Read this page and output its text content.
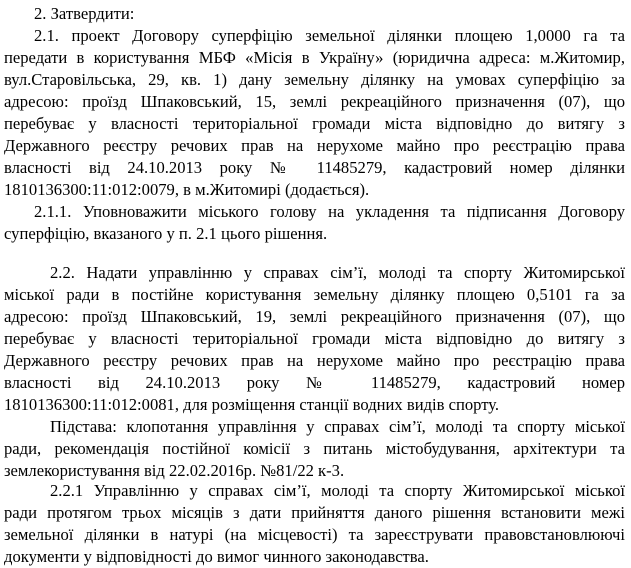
2. Затвердити:
2.1. проект Договору суперфіцію земельної ділянки площею 1,0000 га та
передати в користування МБФ «Місія в Україну» (юридична адреса: м.Житомир,
вул.Старовільська, 29, кв. 1) дану земельну ділянку на умовах суперфіцію за
адресою: проїзд Шпаковський, 15, землі рекреаційного призначення (07), що
перебуває у власності територіальної громади міста відповідно до витягу з
Державного реєстру речових прав на нерухоме майно про реєстрацію права
власності від 24.10.2013 року № 11485279, кадастровий номер ділянки
1810136300:11:012:0079, в м.Житомирі (додається).
2.1.1. Уповноважити міського голову на укладення та підписання Договору
суперфіцію, вказаного у п. 2.1 цього рішення.
2.2. Надати управлінню у справах сім’ї, молоді та спорту Житомирської
міської ради в постійне користування земельну ділянку площею 0,5101 га за
адресою: проїзд Шпаковський, 19, землі рекреаційного призначення (07), що
перебуває у власності територіальної громади міста відповідно до витягу з
Державного реєстру речових прав на нерухоме майно про реєстрацію права
власності від 24.10.2013 року № 11485279, кадастровий номер
1810136300:11:012:0081, для розміщення станції водних видів спорту.
Підстава: клопотання управління у справах сім’ї, молоді та спорту міської
ради, рекомендація постійної комісії з питань містобудування, архітектури та
землекористування від 22.02.2016р. №81/22 к-3.
2.2.1 Управлінню у справах сім’ї, молоді та спорту Житомирської міської
ради протягом трьох місяців з дати прийняття даного рішення встановити межі
земельної ділянки в натурі (на місцевості) та зареєструвати правовстановлюючі
документи у відповідності до вимог чинного законодавства.
